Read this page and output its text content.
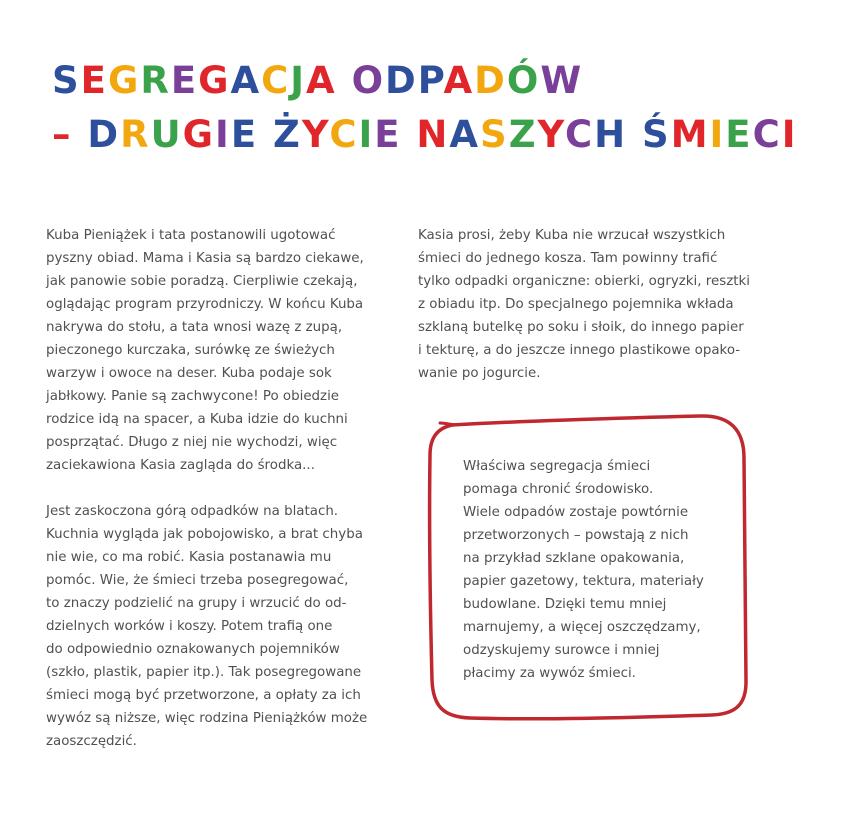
SEGREGACJA ODPADÓW
– DRUGIE ŻYCIE NASZYCH ŚMIECI
Kuba Pieniążek i tata postanowili ugotować
pyszny obiad. Mama i Kasia są bardzo ciekawe,
jak panowie sobie poradzą. Cierpliwie czekają,
oglądając program przyrodniczy. W końcu Kuba
nakrywa do stołu, a tata wnosi wazę z zupą,
pieczonego kurczaka, surówkę ze świeżych
warzyw i owoce na deser. Kuba podaje sok
jabłkowy. Panie są zachwycone! Po obiedzie
rodzice idą na spacer, a Kuba idzie do kuchni
posprzątać. Długo z niej nie wychodzi, więc
zaciekawiona Kasia zagląda do środka...
Jest zaskoczona górą odpadków na blatach.
Kuchnia wygląda jak pobojowisko, a brat chyba
nie wie, co ma robić. Kasia postanawia mu
pomóc. Wie, że śmieci trzeba posegregować,
to znaczy podzielić na grupy i wrzucić do od-
dzielnych worków i koszy. Potem trafią one
do odpowiednio oznakowanych pojemników
(szkło, plastik, papier itp.). Tak posegregowane
śmieci mogą być przetworzone, a opłaty za ich
wywóz są niższe, więc rodzina Pieniążków może
zaoszczędzić.
Kasia prosi, żeby Kuba nie wrzucał wszystkich
śmieci do jednego kosza. Tam powinny trafić
tylko odpadki organiczne: obierki, ogryzki, resztki
z obiadu itp. Do specjalnego pojemnika wkłada
szklaną butelkę po soku i słoik, do innego papier
i tekturę, a do jeszcze innego plastikowe opako-
wanie po jogurcie.
Właściwa segregacja śmieci
pomaga chronić środowisko.
Wiele odpadów zostaje powtórnie
przetworzonych – powstają z nich
na przykład szklane opakowania,
papier gazetowy, tektura, materiały
budowlane. Dzięki temu mniej
marnujemy, a więcej oszczędzamy,
odzyskujemy surowce i mniej
płacimy za wywóz śmieci.
